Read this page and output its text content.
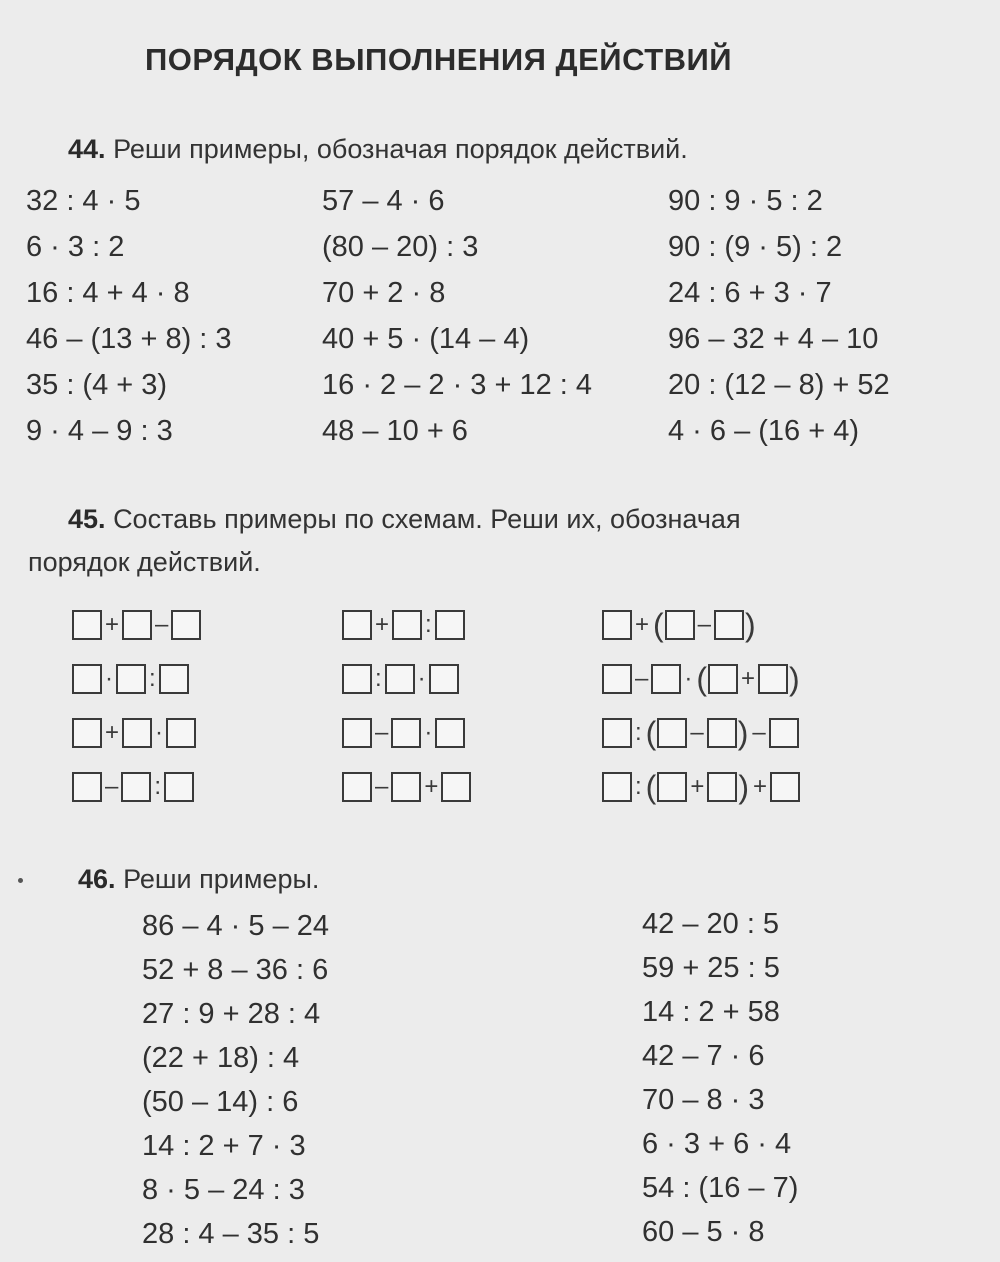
ПОРЯДОК ВЫПОЛНЕНИЯ ДЕЙСТВИЙ
44. Реши примеры, обозначая порядок действий.
32 : 4 · 5
6 · 3 : 2
16 : 4 + 4 · 8
46 – (13 + 8) : 3
35 : (4 + 3)
9 · 4 – 9 : 3
57 – 4 · 6
(80 – 20) : 3
70 + 2 · 8
40 + 5 · (14 – 4)
16 · 2 – 2 · 3 + 12 : 4
48 – 10 + 6
90 : 9 · 5 : 2
90 : (9 · 5) : 2
24 : 6 + 3 · 7
96 – 32 + 4 – 10
20 : (12 – 8) + 52
4 · 6 – (16 + 4)
45. Составь примеры по схемам. Реши их, обозначая
порядок действий.
+ –
· :
+ ·
– :
+ :
: ·
– ·
– +
+ ( – )
– · ( + )
: ( – ) –
: ( + ) +
46. Реши примеры.
86 – 4 · 5 – 24
52 + 8 – 36 : 6
27 : 9 + 28 : 4
(22 + 18) : 4
(50 – 14) : 6
14 : 2 + 7 · 3
8 · 5 – 24 : 3
28 : 4 – 35 : 5
42 – 20 : 5
59 + 25 : 5
14 : 2 + 58
42 – 7 · 6
70 – 8 · 3
6 · 3 + 6 · 4
54 : (16 – 7)
60 – 5 · 8
